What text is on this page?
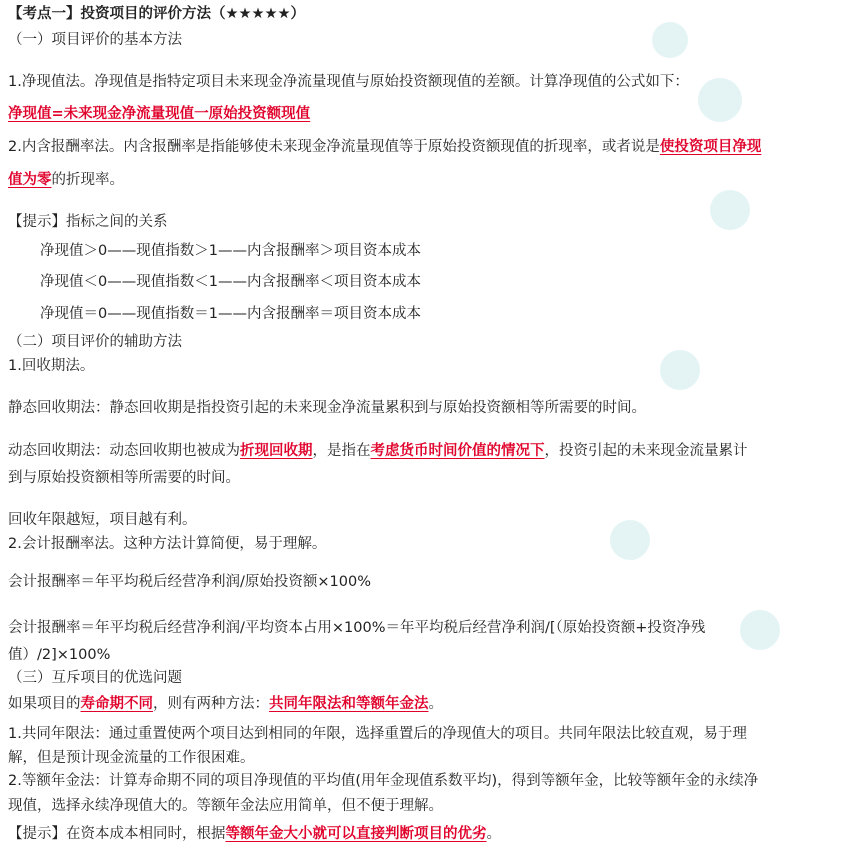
【考点一】投资项目的评价方法（★★★★★）
（一）项目评价的基本方法
1.净现值法。净现值是指特定项目未来现金净流量现值与原始投资额现值的差额。计算净现值的公式如下：
净现值=未来现金净流量现值一原始投资额现值
2.内含报酬率法。内含报酬率是指能够使未来现金净流量现值等于原始投资额现值的折现率，或者说是使投资项目净现
值为零的折现率。
【提示】指标之间的关系
净现值＞0——现值指数＞1——内含报酬率＞项目资本成本
净现值＜0——现值指数＜1——内含报酬率＜项目资本成本
净现值＝0——现值指数＝1——内含报酬率＝项目资本成本
（二）项目评价的辅助方法
1.回收期法。
静态回收期法：静态回收期是指投资引起的未来现金净流量累积到与原始投资额相等所需要的时间。
动态回收期法：动态回收期也被成为折现回收期，是指在考虑货币时间价值的情况下，投资引起的未来现金流量累计
到与原始投资额相等所需要的时间。
回收年限越短，项目越有利。
2.会计报酬率法。这种方法计算简便，易于理解。
会计报酬率＝年平均税后经营净利润/原始投资额×100%
会计报酬率＝年平均税后经营净利润/平均资本占用×100%＝年平均税后经营净利润/[（原始投资额+投资净残
值）/2]×100%
（三）互斥项目的优选问题
如果项目的寿命期不同，则有两种方法：共同年限法和等额年金法。
1.共同年限法：通过重置使两个项目达到相同的年限，选择重置后的净现值大的项目。共同年限法比较直观，易于理
解，但是预计现金流量的工作很困难。
2.等额年金法：计算寿命期不同的项目净现值的平均值(用年金现值系数平均)，得到等额年金，比较等额年金的永续净
现值，选择永续净现值大的。等额年金法应用简单，但不便于理解。
【提示】在资本成本相同时，根据等额年金大小就可以直接判断项目的优劣。
